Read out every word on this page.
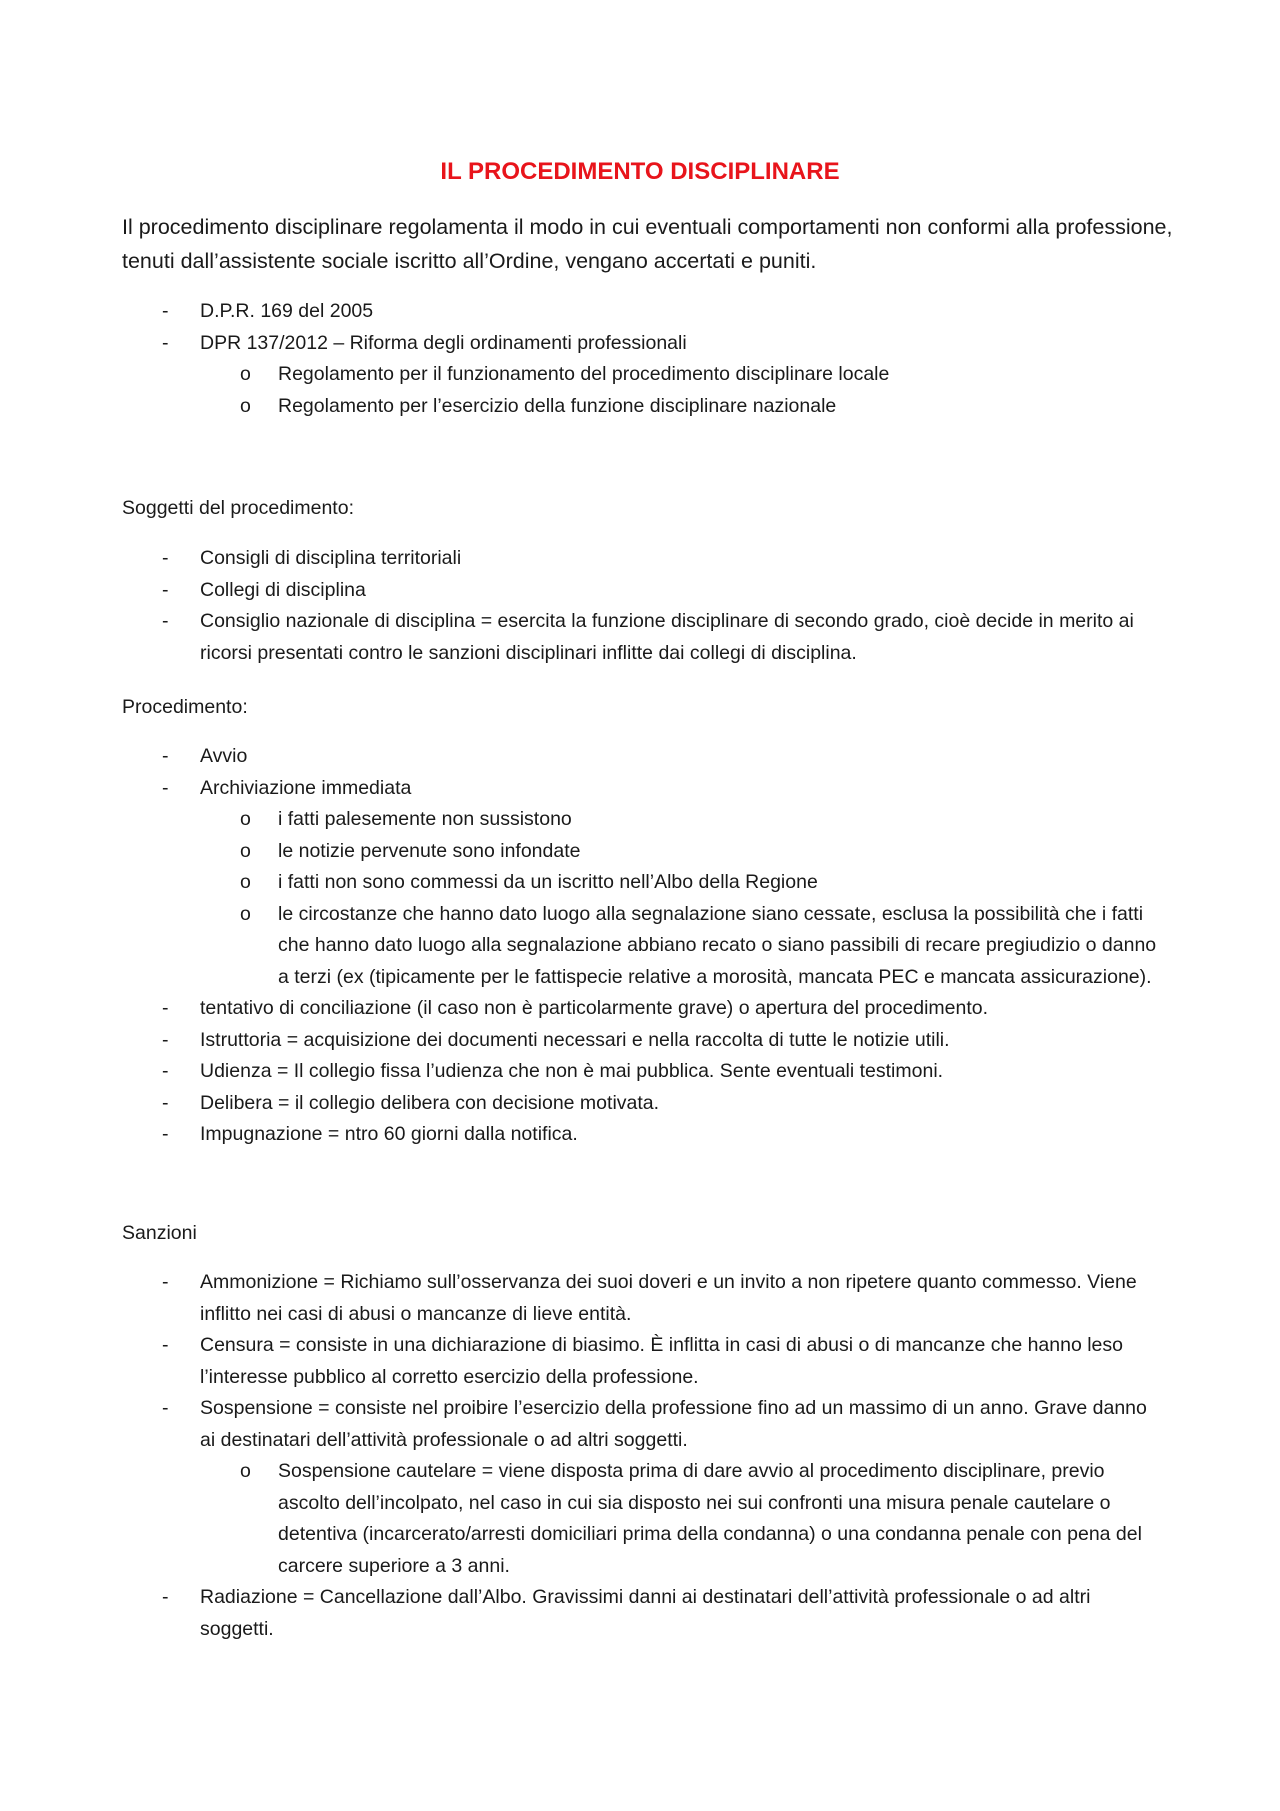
IL PROCEDIMENTO DISCIPLINARE
Il procedimento disciplinare regolamenta il modo in cui eventuali comportamenti non conformi alla professione, tenuti dall’assistente sociale iscritto all’Ordine, vengano accertati e puniti.
- D.P.R. 169 del 2005
- DPR 137/2012 – Riforma degli ordinamenti professionali
o Regolamento per il funzionamento del procedimento disciplinare locale
o Regolamento per l’esercizio della funzione disciplinare nazionale
Soggetti del procedimento:
- Consigli di disciplina territoriali
- Collegi di disciplina
- Consiglio nazionale di disciplina = esercita la funzione disciplinare di secondo grado, cioè decide in merito ai ricorsi presentati contro le sanzioni disciplinari inflitte dai collegi di disciplina.
Procedimento:
- Avvio
- Archiviazione immediata
o i fatti palesemente non sussistono
o le notizie pervenute sono infondate
o i fatti non sono commessi da un iscritto nell’Albo della Regione
o le circostanze che hanno dato luogo alla segnalazione siano cessate, esclusa la possibilità che i fatti che hanno dato luogo alla segnalazione abbiano recato o siano passibili di recare pregiudizio o danno a terzi (ex (tipicamente per le fattispecie relative a morosità, mancata PEC e mancata assicurazione).
- tentativo di conciliazione (il caso non è particolarmente grave) o apertura del procedimento.
- Istruttoria = acquisizione dei documenti necessari e nella raccolta di tutte le notizie utili.
- Udienza = Il collegio fissa l’udienza che non è mai pubblica. Sente eventuali testimoni.
- Delibera = il collegio delibera con decisione motivata.
- Impugnazione = ntro 60 giorni dalla notifica.
Sanzioni
- Ammonizione = Richiamo sull’osservanza dei suoi doveri e un invito a non ripetere quanto commesso. Viene inflitto nei casi di abusi o mancanze di lieve entità.
- Censura = consiste in una dichiarazione di biasimo. È inflitta in casi di abusi o di mancanze che hanno leso l’interesse pubblico al corretto esercizio della professione.
- Sospensione = consiste nel proibire l’esercizio della professione fino ad un massimo di un anno. Grave danno ai destinatari dell’attività professionale o ad altri soggetti.
o Sospensione cautelare = viene disposta prima di dare avvio al procedimento disciplinare, previo ascolto dell’incolpato, nel caso in cui sia disposto nei sui confronti una misura penale cautelare o detentiva (incarcerato/arresti domiciliari prima della condanna) o una condanna penale con pena del carcere superiore a 3 anni.
- Radiazione = Cancellazione dall’Albo. Gravissimi danni ai destinatari dell’attività professionale o ad altri soggetti.
